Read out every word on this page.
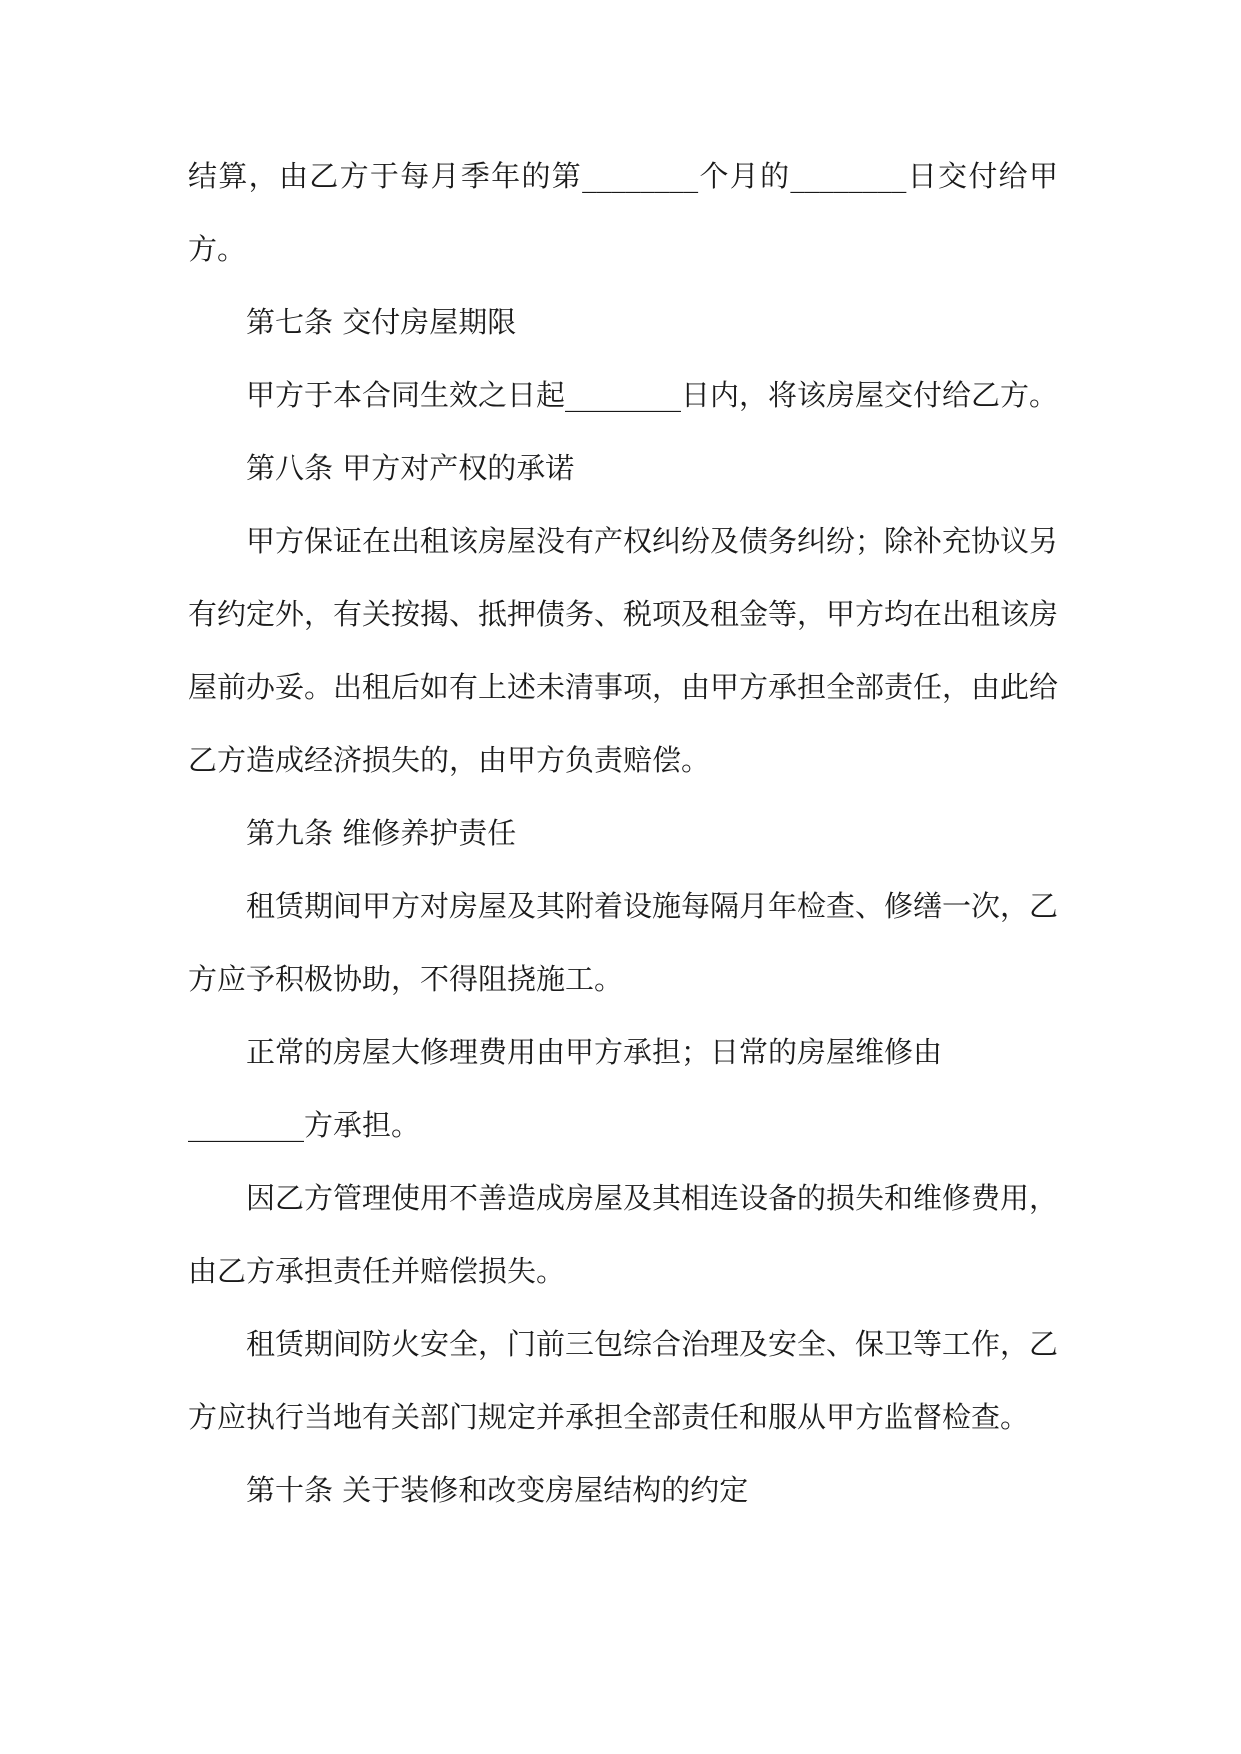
结算，由乙方于每月季年的第________个月的________日交付给甲
方。
第七条 交付房屋期限
甲方于本合同生效之日起________日内，将该房屋交付给乙方。
第八条 甲方对产权的承诺
甲方保证在出租该房屋没有产权纠纷及债务纠纷；除补充协议另
有约定外，有关按揭、抵押债务、税项及租金等，甲方均在出租该房
屋前办妥。出租后如有上述未清事项，由甲方承担全部责任，由此给
乙方造成经济损失的，由甲方负责赔偿。
第九条 维修养护责任
租赁期间甲方对房屋及其附着设施每隔月年检查、修缮一次，乙
方应予积极协助，不得阻挠施工。
正常的房屋大修理费用由甲方承担；日常的房屋维修由
________方承担。
因乙方管理使用不善造成房屋及其相连设备的损失和维修费用，
由乙方承担责任并赔偿损失。
租赁期间防火安全，门前三包综合治理及安全、保卫等工作，乙
方应执行当地有关部门规定并承担全部责任和服从甲方监督检查。
第十条 关于装修和改变房屋结构的约定
